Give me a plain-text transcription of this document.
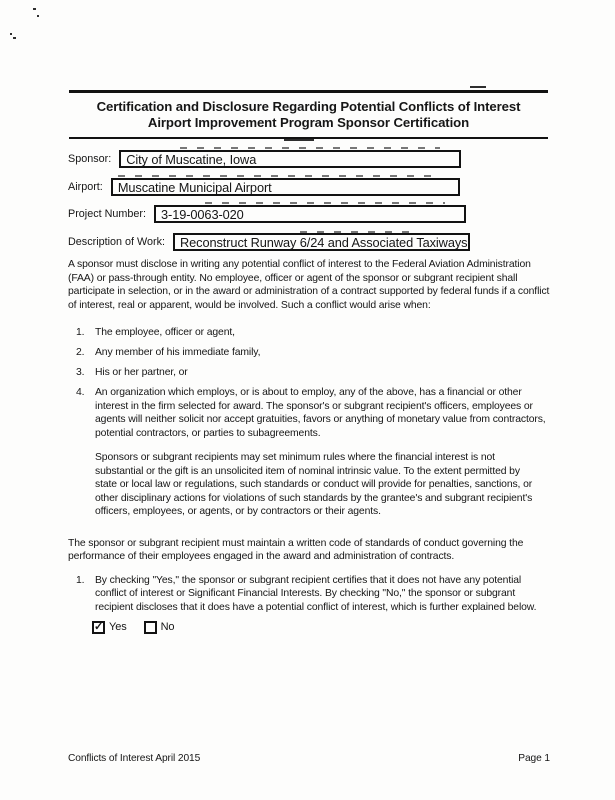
Certification and Disclosure Regarding Potential Conflicts of Interest
Airport Improvement Program Sponsor Certification
Sponsor:	City of Muscatine, Iowa
Airport:	Muscatine Municipal Airport
Project Number:	3-19-0063-020
Description of Work:	Reconstruct Runway 6/24 and Associated Taxiways
A sponsor must disclose in writing any potential conflict of interest to the Federal Aviation Administration (FAA) or pass-through entity. No employee, officer or agent of the sponsor or subgrant recipient shall participate in selection, or in the award or administration of a contract supported by federal funds if a conflict of interest, real or apparent, would be involved. Such a conflict would arise when:
1.	The employee, officer or agent,
2.	Any member of his immediate family,
3.	His or her partner, or
4.	An organization which employs, or is about to employ, any of the above, has a financial or other interest in the firm selected for award. The sponsor's or subgrant recipient's officers, employees or agents will neither solicit nor accept gratuities, favors or anything of monetary value from contractors, potential contractors, or parties to subagreements.
Sponsors or subgrant recipients may set minimum rules where the financial interest is not substantial or the gift is an unsolicited item of nominal intrinsic value. To the extent permitted by state or local law or regulations, such standards or conduct will provide for penalties, sanctions, or other disciplinary actions for violations of such standards by the grantee's and subgrant recipient's officers, employees, or agents, or by contractors or their agents.
The sponsor or subgrant recipient must maintain a written code of standards of conduct governing the performance of their employees engaged in the award and administration of contracts.
1.	By checking "Yes," the sponsor or subgrant recipient certifies that it does not have any potential conflict of interest or Significant Financial Interests. By checking "No," the sponsor or subgrant recipient discloses that it does have a potential conflict of interest, which is further explained below.
✓ Yes	No
Conflicts of Interest April 2015	Page 1
